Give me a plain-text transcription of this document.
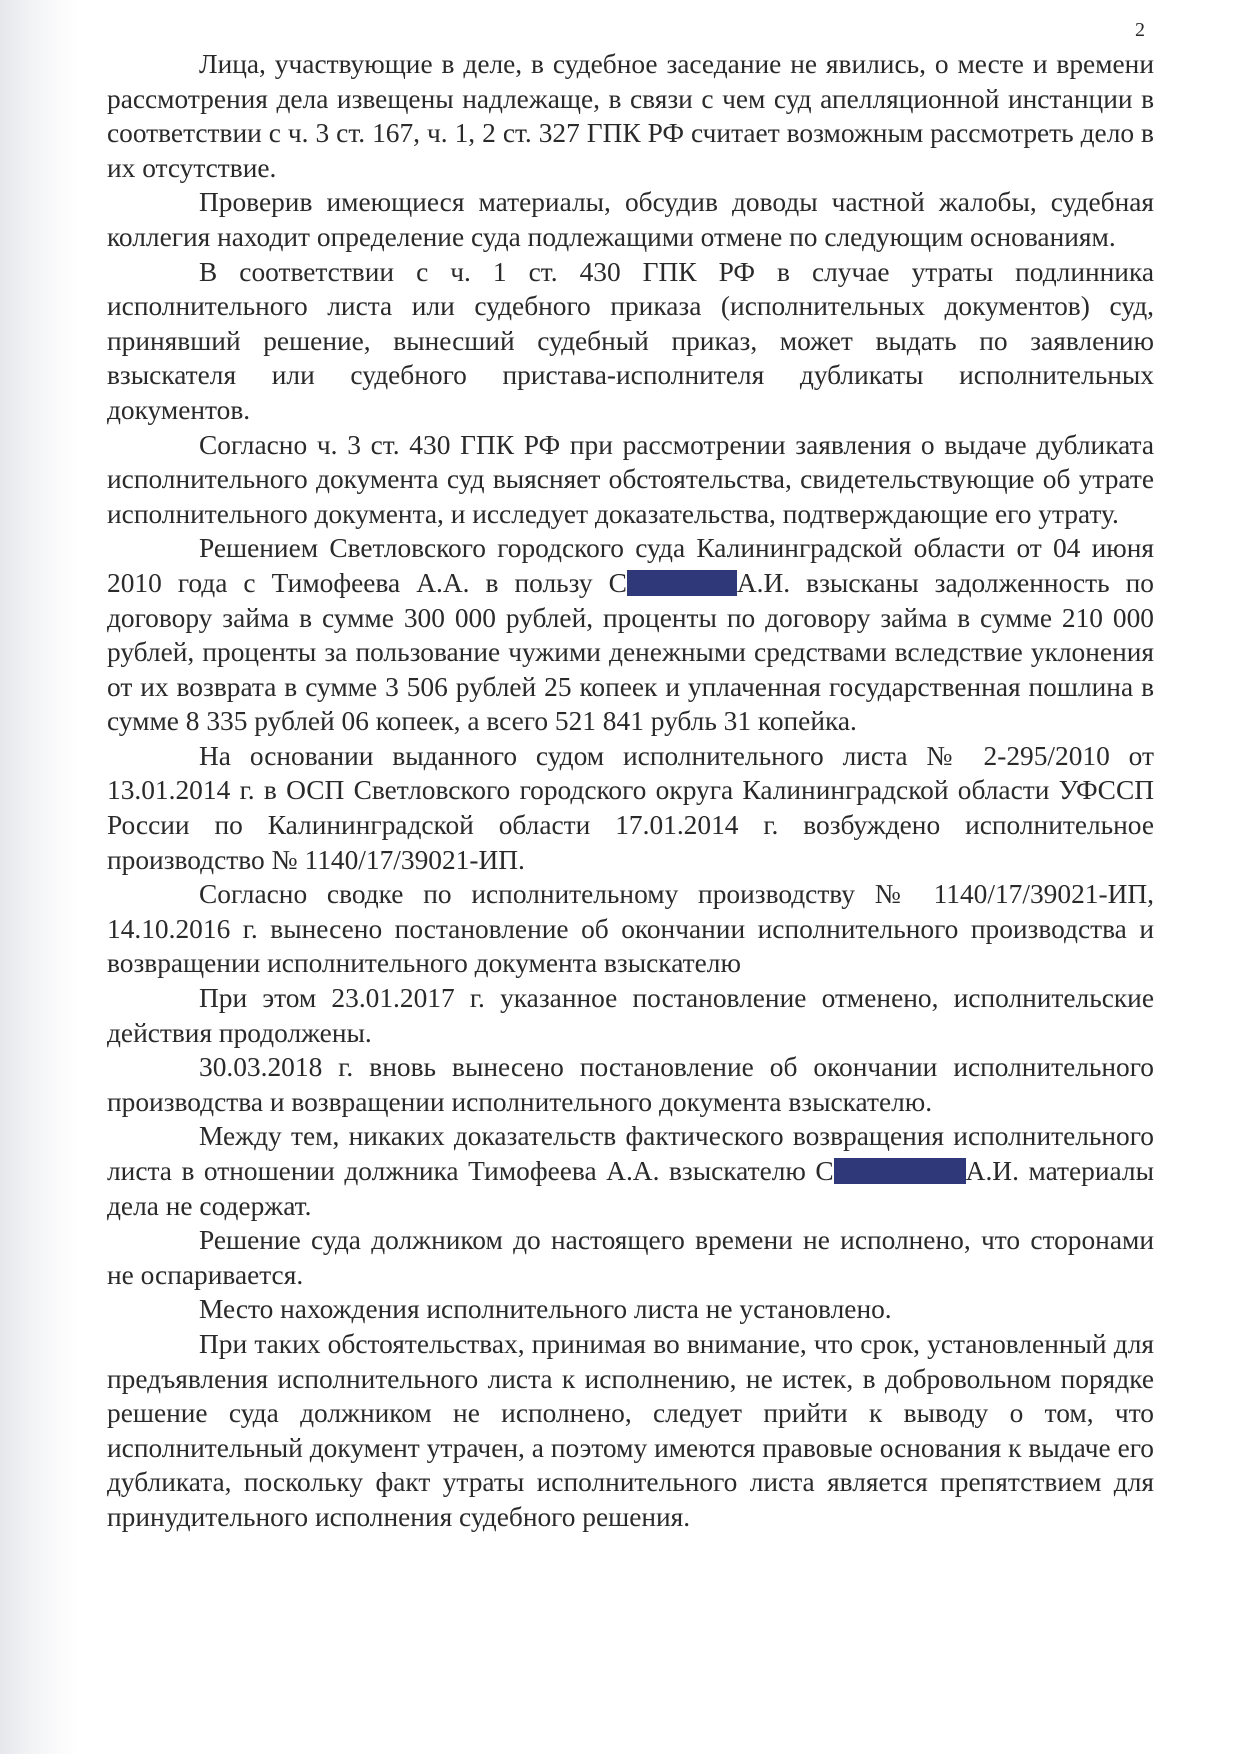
2

Лица, участвующие в деле, в судебное заседание не явились, о месте и времени рассмотрения дела извещены надлежаще, в связи с чем суд апелляционной инстанции в соответствии с ч. 3 ст. 167, ч. 1, 2 ст. 327 ГПК РФ считает возможным рассмотреть дело в их отсутствие.

Проверив имеющиеся материалы, обсудив доводы частной жалобы, судебная коллегия находит определение суда подлежащими отмене по следующим основаниям.

В соответствии с ч. 1 ст. 430 ГПК РФ в случае утраты подлинника исполнительного листа или судебного приказа (исполнительных документов) суд, принявший решение, вынесший судебный приказ, может выдать по заявлению взыскателя или судебного пристава-исполнителя дубликаты исполнительных документов.

Согласно ч. 3 ст. 430 ГПК РФ при рассмотрении заявления о выдаче дубликата исполнительного документа суд выясняет обстоятельства, свидетельствующие об утрате исполнительного документа, и исследует доказательства, подтверждающие его утрату.

Решением Светловского городского суда Калининградской области от 04 июня 2010 года с Тимофеева А.А. в пользу С	А.И. взысканы задолженность по договору займа в сумме 300 000 рублей, проценты по договору займа в сумме 210 000 рублей, проценты за пользование чужими денежными средствами вследствие уклонения от их возврата в сумме 3 506 рублей 25 копеек и уплаченная государственная пошлина в сумме 8 335 рублей 06 копеек, а всего 521 841 рубль 31 копейка.

На основании выданного судом исполнительного листа № 2-295/2010 от 13.01.2014 г. в ОСП Светловского городского округа Калининградской области УФССП России по Калининградской области 17.01.2014 г. возбуждено исполнительное производство № 1140/17/39021-ИП.

Согласно сводке по исполнительному производству № 1140/17/39021-ИП, 14.10.2016 г. вынесено постановление об окончании исполнительного производства и возвращении исполнительного документа взыскателю

При этом 23.01.2017 г. указанное постановление отменено, исполнительские действия продолжены.

30.03.2018 г. вновь вынесено постановление об окончании исполнительного производства и возвращении исполнительного документа взыскателю.

Между тем, никаких доказательств фактического возвращения исполнительного листа в отношении должника Тимофеева А.А. взыскателю С	А.И. материалы дела не содержат.

Решение суда должником до настоящего времени не исполнено, что сторонами не оспаривается.

Место нахождения исполнительного листа не установлено.

При таких обстоятельствах, принимая во внимание, что срок, установленный для предъявления исполнительного листа к исполнению, не истек, в добровольном порядке решение суда должником не исполнено, следует прийти к выводу о том, что исполнительный документ утрачен, а поэтому имеются правовые основания к выдаче его дубликата, поскольку факт утраты исполнительного листа является препятствием для принудительного исполнения судебного решения.
